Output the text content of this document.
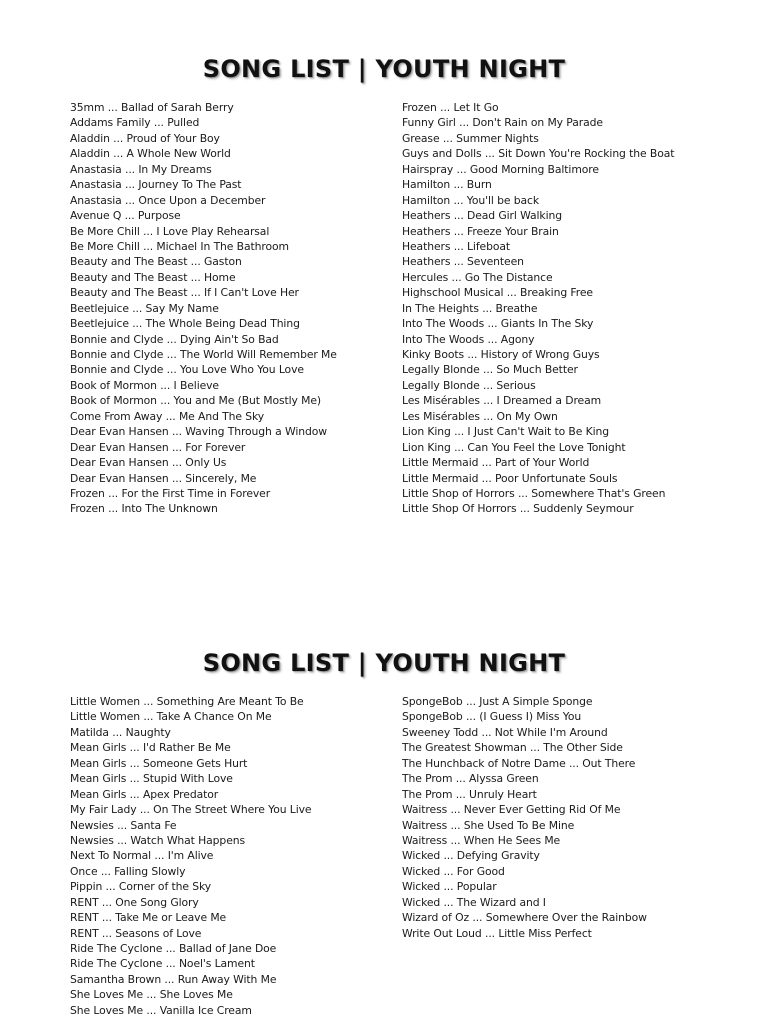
SONG LIST | YOUTH NIGHT
35mm ... Ballad of Sarah Berry
Addams Family ... Pulled
Aladdin ... Proud of Your Boy
Aladdin ... A Whole New World
Anastasia ... In My Dreams
Anastasia ... Journey To The Past
Anastasia ... Once Upon a December
Avenue Q ... Purpose
Be More Chill ... I Love Play Rehearsal
Be More Chill ... Michael In The Bathroom
Beauty and The Beast ... Gaston
Beauty and The Beast ... Home
Beauty and The Beast ... If I Can't Love Her
Beetlejuice ... Say My Name
Beetlejuice ... The Whole Being Dead Thing
Bonnie and Clyde ... Dying Ain't So Bad
Bonnie and Clyde ... The World Will Remember Me
Bonnie and Clyde ... You Love Who You Love
Book of Mormon ... I Believe
Book of Mormon ... You and Me (But Mostly Me)
Come From Away ... Me And The Sky
Dear Evan Hansen ... Waving Through a Window
Dear Evan Hansen ... For Forever
Dear Evan Hansen ... Only Us
Dear Evan Hansen ... Sincerely, Me
Frozen ... For the First Time in Forever
Frozen ... Into The Unknown
Frozen ... Let It Go
Funny Girl ... Don't Rain on My Parade
Grease ... Summer Nights
Guys and Dolls ... Sit Down You're Rocking the Boat
Hairspray ... Good Morning Baltimore
Hamilton ... Burn
Hamilton ... You'll be back
Heathers ... Dead Girl Walking
Heathers ... Freeze Your Brain
Heathers ... Lifeboat
Heathers ... Seventeen
Hercules ... Go The Distance
Highschool Musical ... Breaking Free
In The Heights ... Breathe
Into The Woods ... Giants In The Sky
Into The Woods ... Agony
Kinky Boots ... History of Wrong Guys
Legally Blonde ... So Much Better
Legally Blonde ... Serious
Les Misérables ... I Dreamed a Dream
Les Misérables ... On My Own
Lion King ... I Just Can't Wait to Be King
Lion King ... Can You Feel the Love Tonight
Little Mermaid ... Part of Your World
Little Mermaid ... Poor Unfortunate Souls
Little Shop of Horrors ... Somewhere That's Green
Little Shop Of Horrors ... Suddenly Seymour
SONG LIST | YOUTH NIGHT
Little Women ... Something Are Meant To Be
Little Women ... Take A Chance On Me
Matilda ... Naughty
Mean Girls ... I'd Rather Be Me
Mean Girls ... Someone Gets Hurt
Mean Girls ... Stupid With Love
Mean Girls ... Apex Predator
My Fair Lady ... On The Street Where You Live
Newsies ... Santa Fe
Newsies ... Watch What Happens
Next To Normal ... I'm Alive
Once ... Falling Slowly
Pippin ... Corner of the Sky
RENT ... One Song Glory
RENT ... Take Me or Leave Me
RENT ... Seasons of Love
Ride The Cyclone ... Ballad of Jane Doe
Ride The Cyclone ... Noel's Lament
Samantha Brown ... Run Away With Me
She Loves Me ... She Loves Me
She Loves Me ... Vanilla Ice Cream
SpongeBob ... Just A Simple Sponge
SpongeBob ... (I Guess I) Miss You
Sweeney Todd ... Not While I'm Around
The Greatest Showman ... The Other Side
The Hunchback of Notre Dame ... Out There
The Prom ... Alyssa Green
The Prom ... Unruly Heart
Waitress ... Never Ever Getting Rid Of Me
Waitress ... She Used To Be Mine
Waitress ... When He Sees Me
Wicked ... Defying Gravity
Wicked ... For Good
Wicked ... Popular
Wicked ... The Wizard and I
Wizard of Oz ... Somewhere Over the Rainbow
Write Out Loud ... Little Miss Perfect
